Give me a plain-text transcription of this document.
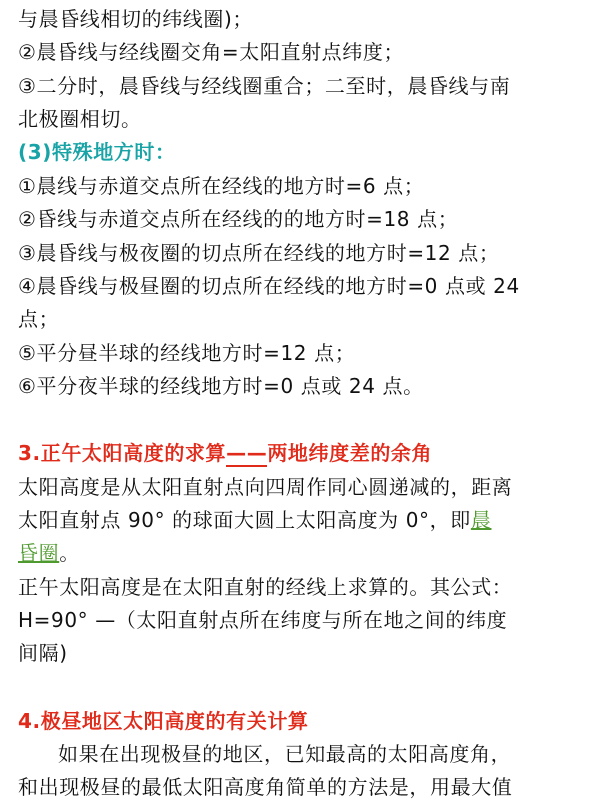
与晨昏线相切的纬线圈)；
②晨昏线与经线圈交角=太阳直射点纬度；
③二分时，晨昏线与经线圈重合；二至时，晨昏线与南
北极圈相切。
(3)特殊地方时：
①晨线与赤道交点所在经线的地方时=6 点；
②昏线与赤道交点所在经线的的地方时=18 点；
③晨昏线与极夜圈的切点所在经线的地方时=12 点；
④晨昏线与极昼圈的切点所在经线的地方时=0 点或 24
点；
⑤平分昼半球的经线地方时=12 点；
⑥平分夜半球的经线地方时=0 点或 24 点。
3.正午太阳高度的求算——两地纬度差的余角
太阳高度是从太阳直射点向四周作同心圆递减的，距离
太阳直射点 90° 的球面大圆上太阳高度为 0°，即晨
昏圈。
正午太阳高度是在太阳直射的经线上求算的。其公式：
H=90° —（太阳直射点所在纬度与所在地之间的纬度
间隔)
4.极昼地区太阳高度的有关计算
如果在出现极昼的地区，已知最高的太阳高度角，
和出现极昼的最低太阳高度角简单的方法是，用最大值
